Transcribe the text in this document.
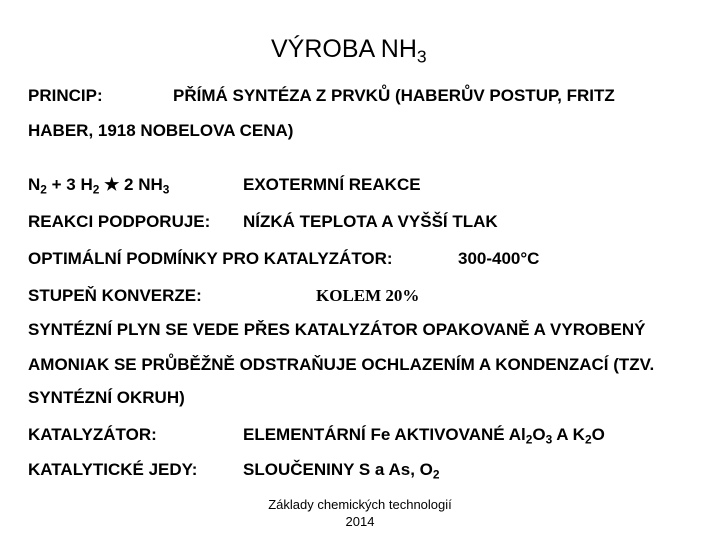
VÝROBA $NH_3$
PRINCIP:	PŘÍMÁ SYNTÉZA Z PRVKŮ (HABERŮV POSTUP, FRITZ
HABER, 1918 NOBELOVA CENA)
$N_2 + 3$ $H_2$ ★ 2 $NH_3$	EXOTERMNÍ REAKCE
REAKCI PODPORUJE: NÍZKÁ TEPLOTA A VYŠŠÍ TLAK
OPTIMÁLNÍ PODMÍNKY PRO KATALYZÁTOR:	300-400°C
STUPEŇ KONVERZE:	KOLEM 20%
SYNTÉZNÍ PLYN SE VEDE PŘES KATALYZÁTOR OPAKOVANĚ A VYROBENÝ
AMONIAK SE PRŮBĚŽNĚ ODSTRAŇUJE OCHLAZENÍM A KONDENZACÍ (TZV.
SYNTÉZNÍ OKRUH)
KATALYZÁTOR:	ELEMENTÁRNÍ Fe AKTIVOVANÉ $Al_2O_3$ A $K_2O$
KATALYTICKÉ JEDY:	SLOUČENINY S a As, $O_2$
Základy chemických technologií
2014
